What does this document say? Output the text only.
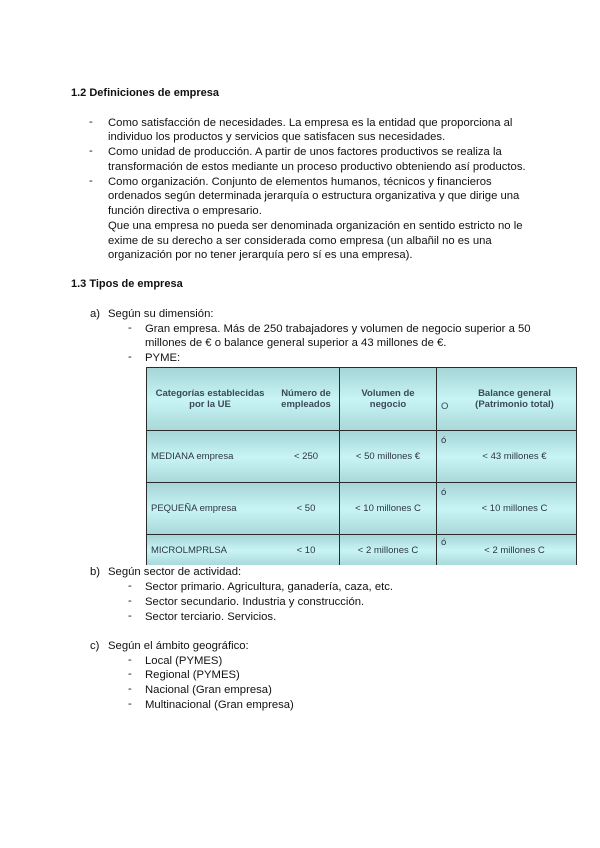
1.2 Definiciones de empresa
- Como satisfacción de necesidades. La empresa es la entidad que proporciona al
individuo los productos y servicios que satisfacen sus necesidades.
- Como unidad de producción. A partir de unos factores productivos se realiza la
transformación de estos mediante un proceso productivo obteniendo así productos.
- Como organización. Conjunto de elementos humanos, técnicos y financieros
ordenados según determinada jerarquía o estructura organizativa y que dirige una
función directiva o empresario.
Que una empresa no pueda ser denominada organización en sentido estricto no le
exime de su derecho a ser considerada como empresa (un albañil no es una
organización por no tener jerarquía pero sí es una empresa).
1.3 Tipos de empresa
a) Según su dimensión:
- Gran empresa. Más de 250 trabajadores y volumen de negocio superior a 50
millones de € o balance general superior a 43 millones de €.
- PYME:
Categorías establecidas por la UE	Número de empleados	Volumen de negocio	O	Balance general (Patrimonio total)
MEDIANA empresa	< 250	< 50 millones €	ó	< 43 millones €
PEQUEÑA empresa	< 50	< 10 millones C	ó	< 10 millones C
MICROLMPRLSA	< 10	< 2 millones C	ó	< 2 millones C
b) Según sector de actividad:
- Sector primario. Agricultura, ganadería, caza, etc.
- Sector secundario. Industria y construcción.
- Sector terciario. Servicios.
c) Según el ámbito geográfico:
- Local (PYMES)
- Regional (PYMES)
- Nacional (Gran empresa)
- Multinacional (Gran empresa)
